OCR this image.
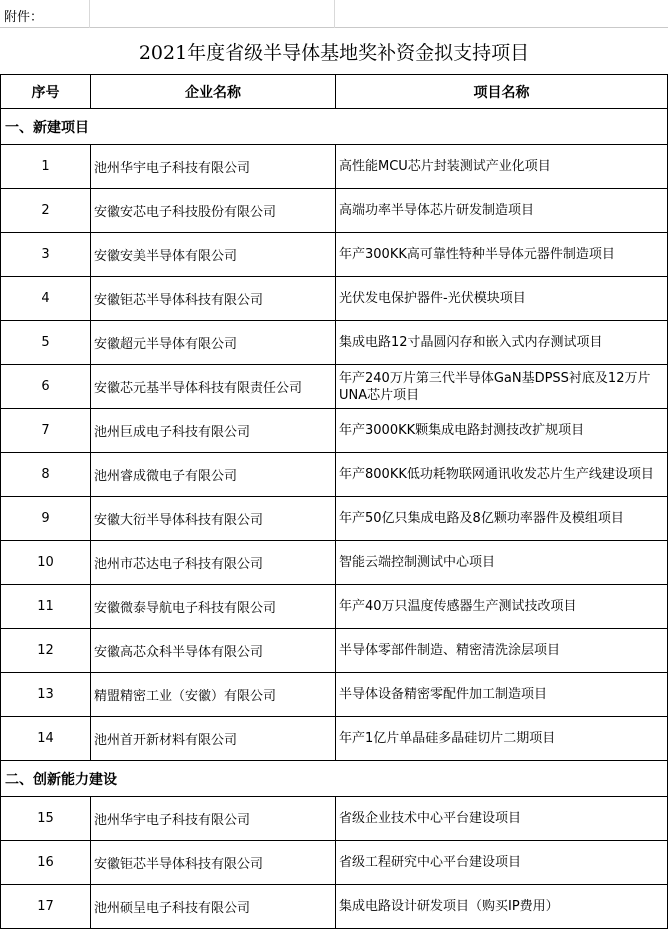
附件：
2021年度省级半导体基地奖补资金拟支持项目
序号	企业名称	项目名称
一、新建项目		
1	池州华宇电子科技有限公司	高性能MCU芯片封装测试产业化项目
2	安徽安芯电子科技股份有限公司	高端功率半导体芯片研发制造项目
3	安徽安美半导体有限公司	年产300KK高可靠性特种半导体元器件制造项目
4	安徽钜芯半导体科技有限公司	光伏发电保护器件-光伏模块项目
5	安徽超元半导体有限公司	集成电路12寸晶圆闪存和嵌入式内存测试项目
6	安徽芯元基半导体科技有限责任公司	年产240万片第三代半导体GaN基DPSS衬底及12万片UNA芯片项目
7	池州巨成电子科技有限公司	年产3000KK颗集成电路封测技改扩规项目
8	池州睿成微电子有限公司	年产800KK低功耗物联网通讯收发芯片生产线建设项目
9	安徽大衍半导体科技有限公司	年产50亿只集成电路及8亿颗功率器件及模组项目
10	池州市芯达电子科技有限公司	智能云端控制测试中心项目
11	安徽微泰导航电子科技有限公司	年产40万只温度传感器生产测试技改项目
12	安徽高芯众科半导体有限公司	半导体零部件制造、精密清洗涂层项目
13	精盟精密工业（安徽）有限公司	半导体设备精密零配件加工制造项目
14	池州首开新材料有限公司	年产1亿片单晶硅多晶硅切片二期项目
二、创新能力建设		
15	池州华宇电子科技有限公司	省级企业技术中心平台建设项目
16	安徽钜芯半导体科技有限公司	省级工程研究中心平台建设项目
17	池州硕呈电子科技有限公司	集成电路设计研发项目（购买IP费用）
